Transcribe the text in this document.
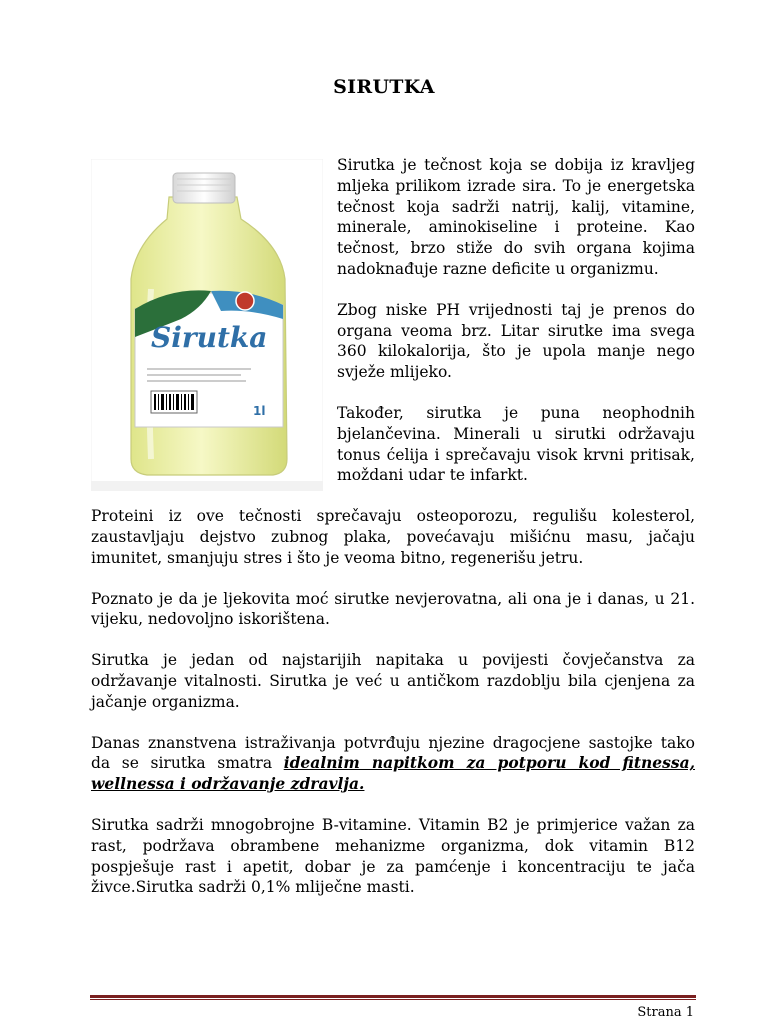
SIRUTKA
Sirutka
1l

Sirutka je tečnost koja se dobija iz kravljeg mljeka prilikom izrade sira. To je energetska tečnost koja sadrži natrij, kalij, vitamine, minerale, aminokiseline i proteine. Kao tečnost, brzo stiže do svih organa kojima nadoknađuje razne deficite u organizmu.

Zbog niske PH vrijednosti taj je prenos do organa veoma brz. Litar sirutke ima svega 360 kilokalorija, što je upola manje nego svježe mlijeko.

Također, sirutka je puna neophodnih bjelančevina. Minerali u sirutki održavaju tonus ćelija i sprečavaju visok krvni pritisak, moždani udar te infarkt.

Proteini iz ove tečnosti sprečavaju osteoporozu, regulišu kolesterol, zaustavljaju dejstvo zubnog plaka, povećavaju mišićnu masu, jačaju imunitet, smanjuju stres i što je veoma bitno, regenerišu jetru.

Poznato je da je ljekovita moć sirutke nevjerovatna, ali ona je i danas, u 21. vijeku, nedovoljno iskorištena.

Sirutka je jedan od najstarijih napitaka u povijesti čovječanstva za održavanje vitalnosti. Sirutka je već u antičkom razdoblju bila cjenjena za jačanje organizma.

Danas znanstvena istraživanja potvrđuju njezine dragocjene sastojke tako da se sirutka smatra idealnim napitkom za potporu kod fitnessa, wellnessa i održavanje zdravlja.

Sirutka sadrži mnogobrojne B-vitamine. Vitamin B2 je primjerice važan za rast, podržava obrambene mehanizme organizma, dok vitamin B12 pospješuje rast i apetit, dobar je za pamćenje i koncentraciju te jača živce.Sirutka sadrži 0,1% mliječne masti.

Strana 1
